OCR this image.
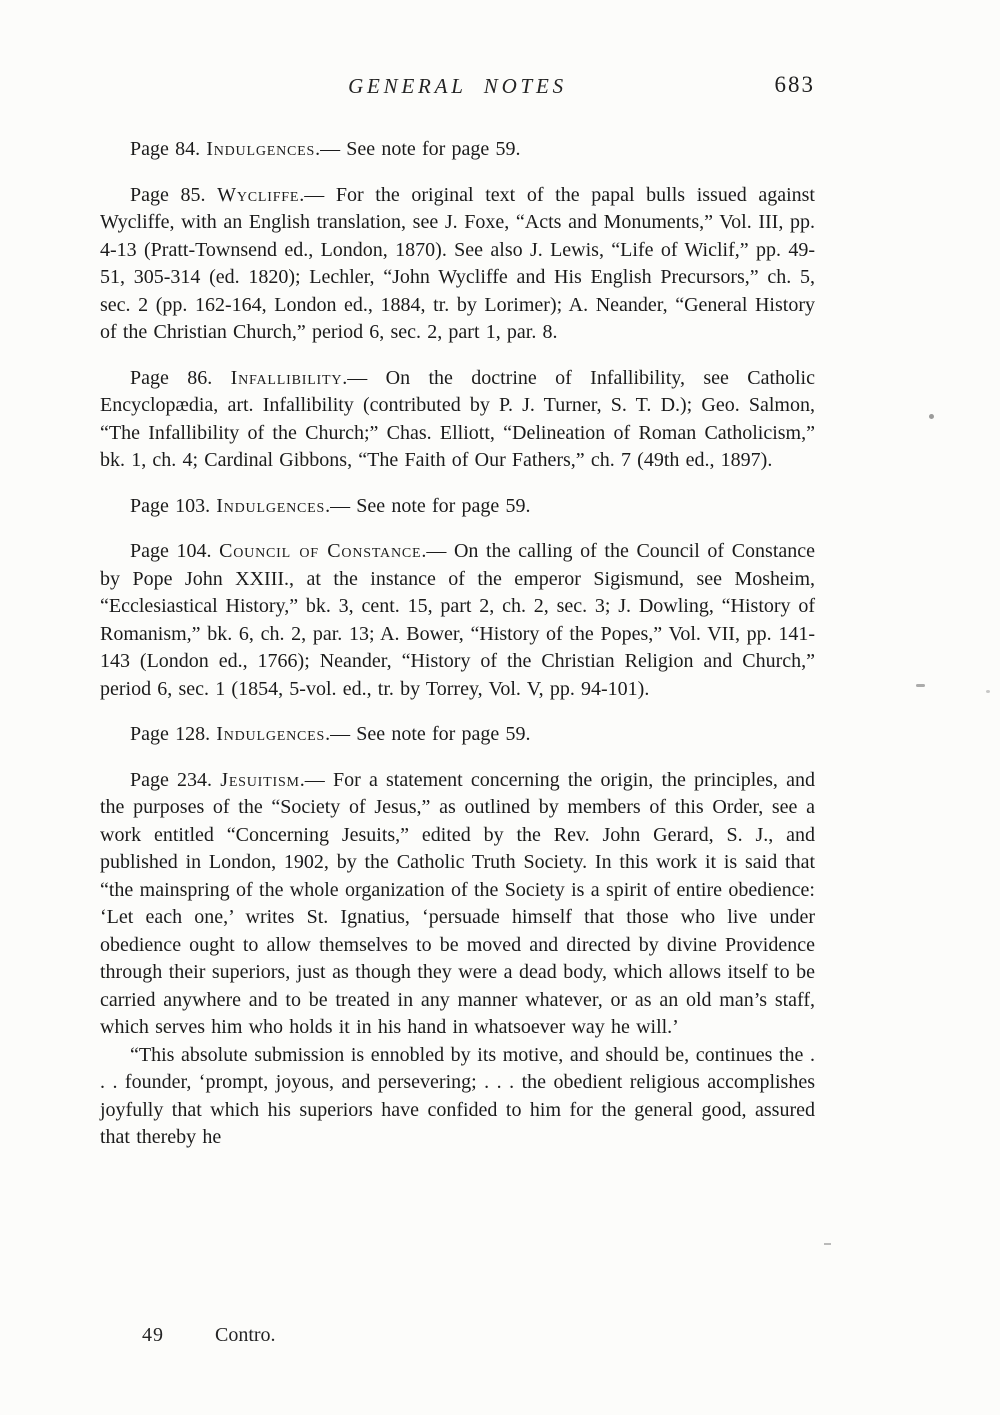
GENERAL NOTES	683

Page 84. Indulgences.— See note for page 59.

Page 85. Wycliffe.— For the original text of the papal bulls issued against Wycliffe, with an English translation, see J. Foxe, “Acts and Monuments,” Vol. III, pp. 4-13 (Pratt-Townsend ed., London, 1870). See also J. Lewis, “Life of Wiclif,” pp. 49-51, 305-314 (ed. 1820); Lechler, “John Wycliffe and His English Precursors,” ch. 5, sec. 2 (pp. 162-164, London ed., 1884, tr. by Lorimer); A. Neander, “General History of the Christian Church,” period 6, sec. 2, part 1, par. 8.

Page 86. Infallibility.— On the doctrine of Infallibility, see Catholic Encyclopædia, art. Infallibility (contributed by P. J. Turner, S. T. D.); Geo. Salmon, “The Infallibility of the Church;” Chas. Elliott, “Delineation of Roman Catholicism,” bk. 1, ch. 4; Cardinal Gibbons, “The Faith of Our Fathers,” ch. 7 (49th ed., 1897).

Page 103. Indulgences.— See note for page 59.

Page 104. Council of Constance.— On the calling of the Council of Constance by Pope John XXIII., at the instance of the emperor Sigismund, see Mosheim, “Ecclesiastical History,” bk. 3, cent. 15, part 2, ch. 2, sec. 3; J. Dowling, “History of Romanism,” bk. 6, ch. 2, par. 13; A. Bower, “History of the Popes,” Vol. VII, pp. 141-143 (London ed., 1766); Neander, “History of the Christian Religion and Church,” period 6, sec. 1 (1854, 5-vol. ed., tr. by Torrey, Vol. V, pp. 94-101).

Page 128. Indulgences.— See note for page 59.

Page 234. Jesuitism.— For a statement concerning the origin, the principles, and the purposes of the “Society of Jesus,” as outlined by members of this Order, see a work entitled “Concerning Jesuits,” edited by the Rev. John Gerard, S. J., and published in London, 1902, by the Catholic Truth Society. In this work it is said that “the mainspring of the whole organization of the Society is a spirit of entire obedience: ‘Let each one,’ writes St. Ignatius, ‘persuade himself that those who live under obedience ought to allow themselves to be moved and directed by divine Providence through their superiors, just as though they were a dead body, which allows itself to be carried anywhere and to be treated in any manner whatever, or as an old man’s staff, which serves him who holds it in his hand in whatsoever way he will.’

“This absolute submission is ennobled by its motive, and should be, continues the . . . founder, ‘prompt, joyous, and persevering; . . . the obedient religious accomplishes joyfully that which his superiors have confided to him for the general good, assured that thereby he

49	Contro.
